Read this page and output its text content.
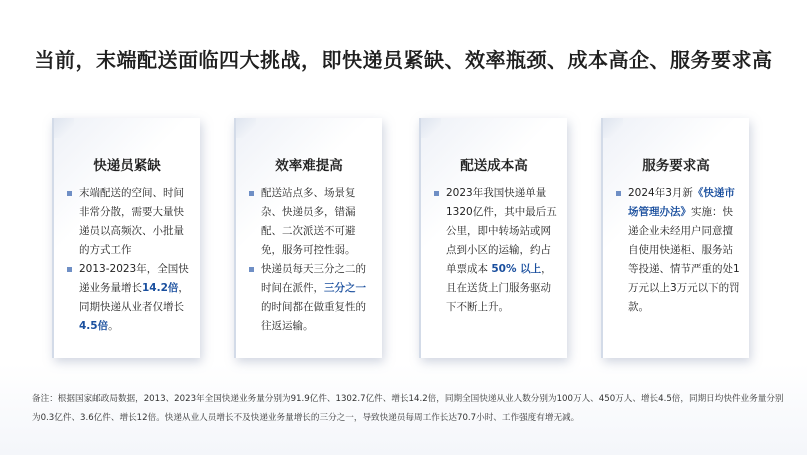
当前，末端配送面临四大挑战，即快递员紧缺、效率瓶颈、成本高企、服务要求高
快递员紧缺
末端配送的空间、时间非常分散，需要大量快递员以高频次、小批量的方式工作
2013-2023年，全国快递业务量增长14.2倍，同期快递从业者仅增长4.5倍。
效率难提高
配送站点多、场景复杂、快递员多，错漏配、二次派送不可避免，服务可控性弱。
快递员每天三分之二的时间在派件，三分之一的时间都在做重复性的往返运输。
配送成本高
2023年我国快递单量1320亿件，其中最后五公里，即中转场站或网点到小区的运输，约占单票成本 50% 以上，且在送货上门服务驱动下不断上升。
服务要求高
2024年3月新《快递市场管理办法》实施：快递企业未经用户同意擅自使用快递柜、服务站等投递、情节严重的处1万元以上3万元以下的罚款。
备注：根据国家邮政局数据，2013、2023年全国快递业务量分别为91.9亿件、1302.7亿件、增长14.2倍，同期全国快递从业人数分别为100万人、450万人、增长4.5倍，同期日均快件业务量分别为0.3亿件、3.6亿件、增长12倍。快递从业人员增长不及快递业务量增长的三分之一，导致快递员每周工作长达70.7小时、工作强度有增无减。
